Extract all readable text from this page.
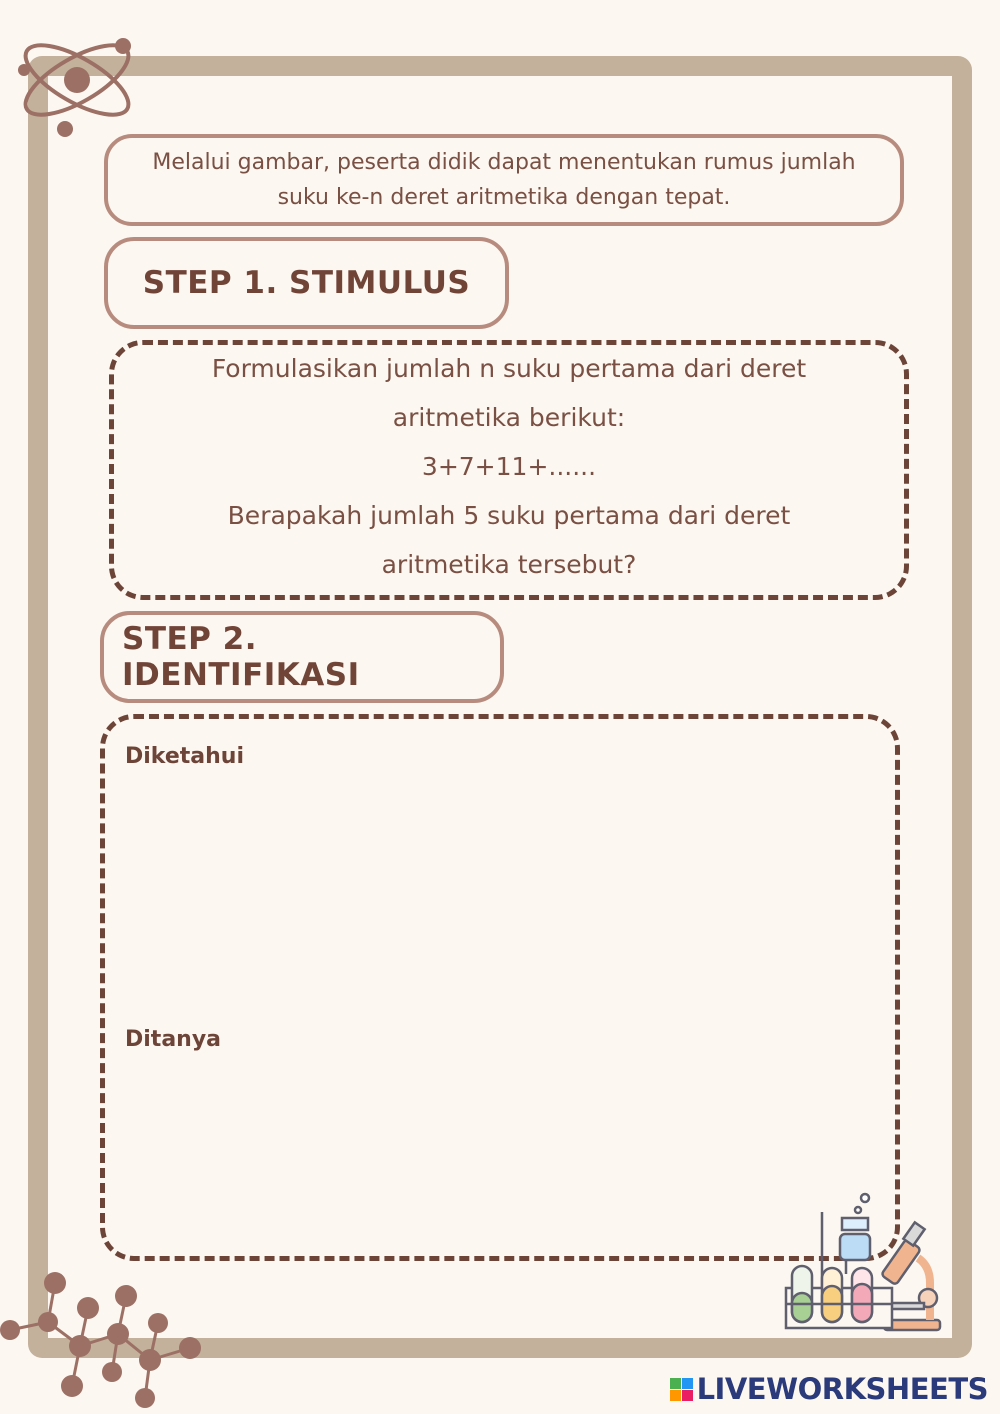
Melalui gambar, peserta didik dapat menentukan rumus jumlah
suku ke-n deret aritmetika dengan tepat.
STEP 1. STIMULUS
Formulasikan jumlah n suku pertama dari deret
aritmetika berikut:
3+7+11+......
Berapakah jumlah 5 suku pertama dari deret
aritmetika tersebut?
STEP 2. IDENTIFIKASI
Diketahui
Ditanya
LIVEWORKSHEETS
